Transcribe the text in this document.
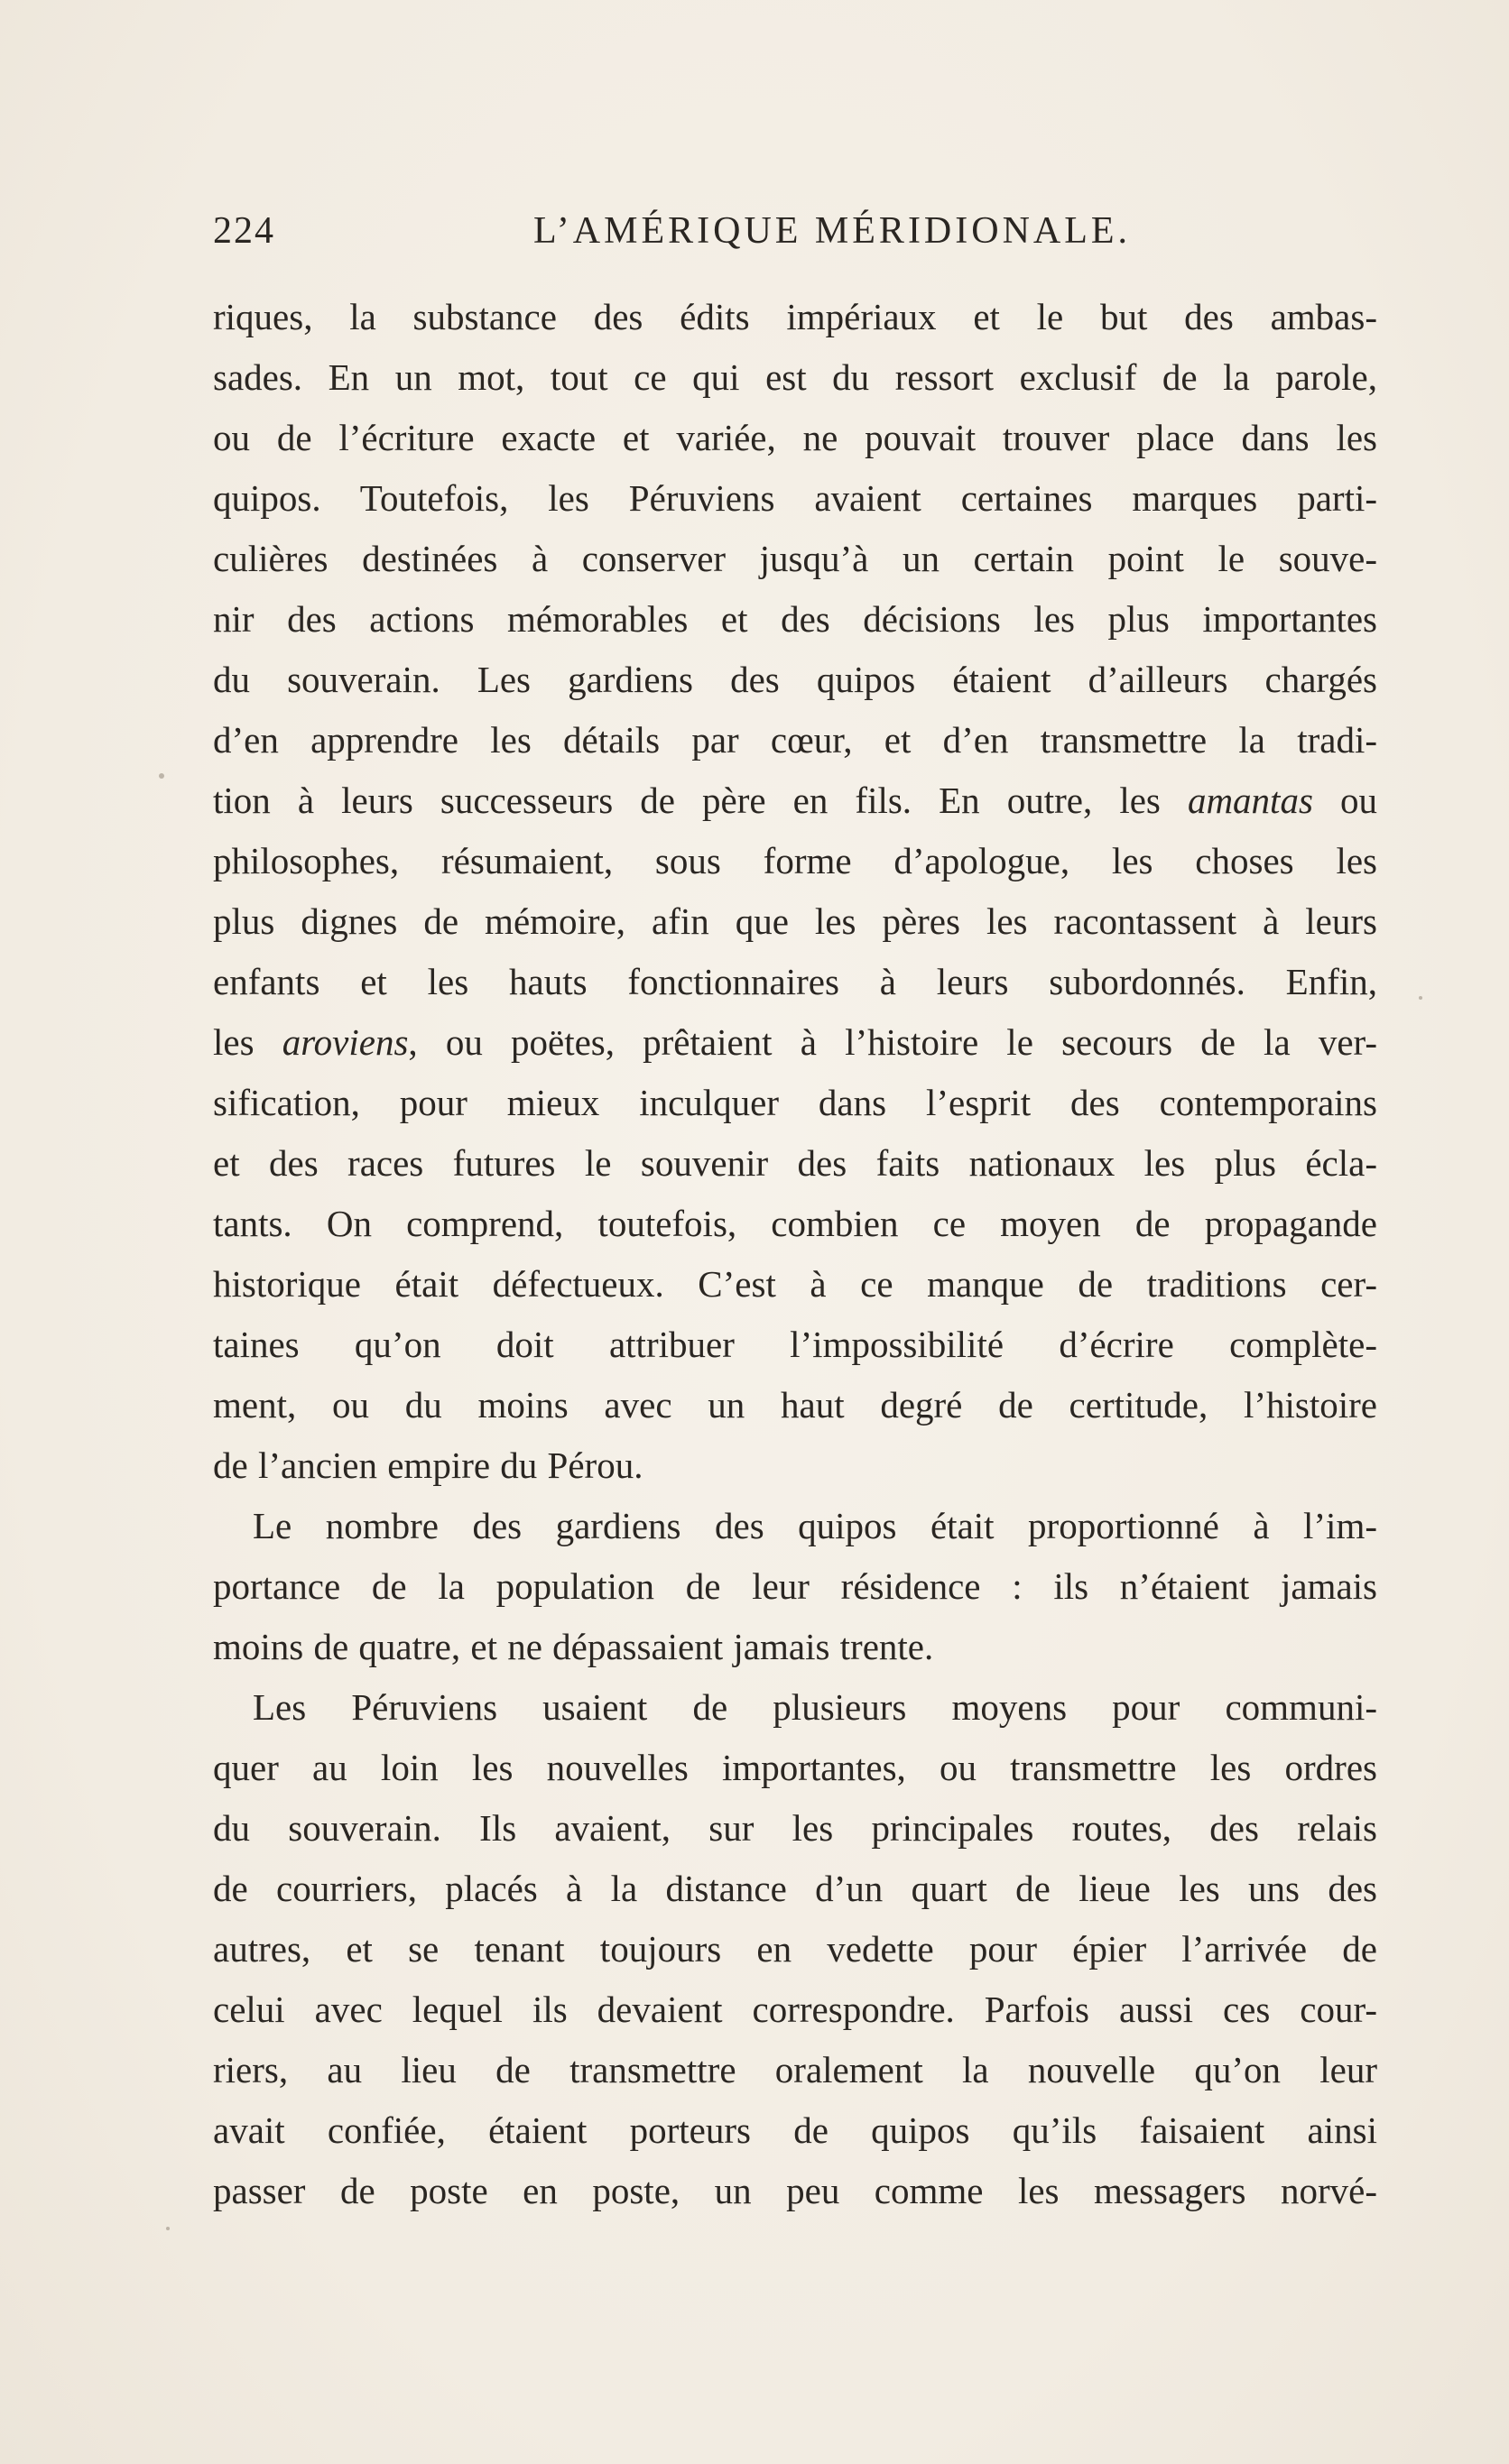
224	L’AMÉRIQUE MÉRIDIONALE.
riques, la substance des édits impériaux et le but des ambas-
sades. En un mot, tout ce qui est du ressort exclusif de la parole,
ou de l’écriture exacte et variée, ne pouvait trouver place dans les
quipos. Toutefois, les Péruviens avaient certaines marques parti-
culières destinées à conserver jusqu’à un certain point le souve-
nir des actions mémorables et des décisions les plus importantes
du souverain. Les gardiens des quipos étaient d’ailleurs chargés
d’en apprendre les détails par cœur, et d’en transmettre la tradi-
tion à leurs successeurs de père en fils. En outre, les amantas ou
philosophes, résumaient, sous forme d’apologue, les choses les
plus dignes de mémoire, afin que les pères les racontassent à leurs
enfants et les hauts fonctionnaires à leurs subordonnés. Enfin,
les aroviens, ou poëtes, prêtaient à l’histoire le secours de la ver-
sification, pour mieux inculquer dans l’esprit des contemporains
et des races futures le souvenir des faits nationaux les plus écla-
tants. On comprend, toutefois, combien ce moyen de propagande
historique était défectueux. C’est à ce manque de traditions cer-
taines qu’on doit attribuer l’impossibilité d’écrire complète-
ment, ou du moins avec un haut degré de certitude, l’histoire
de l’ancien empire du Pérou.
Le nombre des gardiens des quipos était proportionné à l’im-
portance de la population de leur résidence : ils n’étaient jamais
moins de quatre, et ne dépassaient jamais trente.
Les Péruviens usaient de plusieurs moyens pour communi-
quer au loin les nouvelles importantes, ou transmettre les ordres
du souverain. Ils avaient, sur les principales routes, des relais
de courriers, placés à la distance d’un quart de lieue les uns des
autres, et se tenant toujours en vedette pour épier l’arrivée de
celui avec lequel ils devaient correspondre. Parfois aussi ces cour-
riers, au lieu de transmettre oralement la nouvelle qu’on leur
avait confiée, étaient porteurs de quipos qu’ils faisaient ainsi
passer de poste en poste, un peu comme les messagers norvé-
